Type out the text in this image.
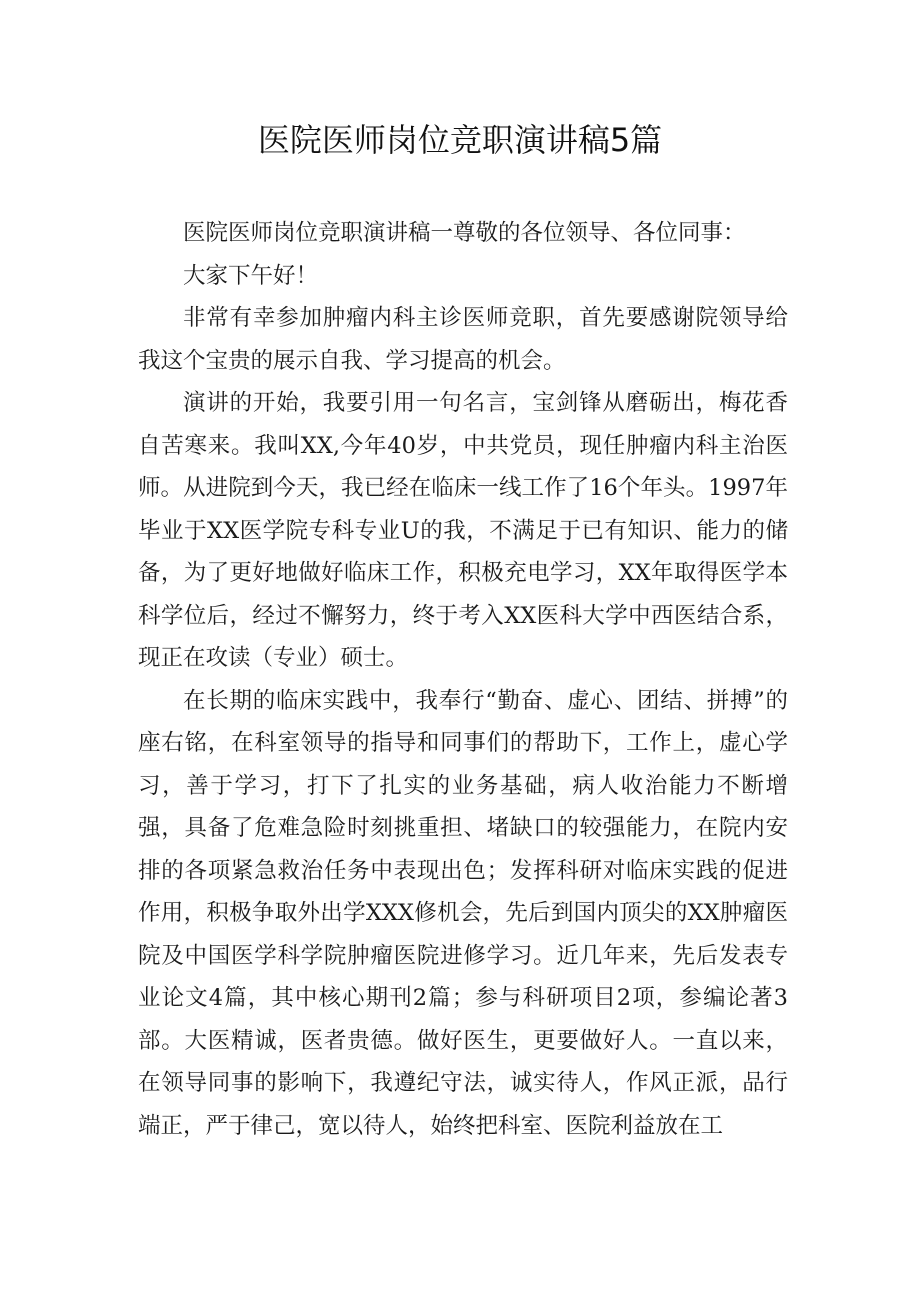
医院医师岗位竞职演讲稿5篇

医院医师岗位竞职演讲稿一尊敬的各位领导、各位同事：

大家下午好！

非常有幸参加肿瘤内科主诊医师竞职，首先要感谢院领导给我这个宝贵的展示自我、学习提高的机会。

演讲的开始，我要引用一句名言，宝剑锋从磨砺出，梅花香自苦寒来。我叫XX,今年40岁，中共党员，现任肿瘤内科主治医师。从进院到今天，我已经在临床一线工作了16个年头。1997年毕业于XX医学院专科专业U的我，不满足于已有知识、能力的储备，为了更好地做好临床工作，积极充电学习，XX年取得医学本科学位后，经过不懈努力，终于考入XX医科大学中西医结合系，现正在攻读（专业）硕士。

在长期的临床实践中，我奉行“勤奋、虚心、团结、拼搏”的座右铭，在科室领导的指导和同事们的帮助下，工作上，虚心学习，善于学习，打下了扎实的业务基础，病人收治能力不断增强，具备了危难急险时刻挑重担、堵缺口的较强能力，在院内安排的各项紧急救治任务中表现出色；发挥科研对临床实践的促进作用，积极争取外出学XXX修机会，先后到国内顶尖的XX肿瘤医院及中国医学科学院肿瘤医院进修学习。近几年来，先后发表专业论文4篇，其中核心期刊2篇；参与科研项目2项，参编论著3部。大医精诚，医者贵德。做好医生，更要做好人。一直以来，在领导同事的影响下，我遵纪守法，诚实待人，作风正派，品行端正，严于律己，宽以待人，始终把科室、医院利益放在工
